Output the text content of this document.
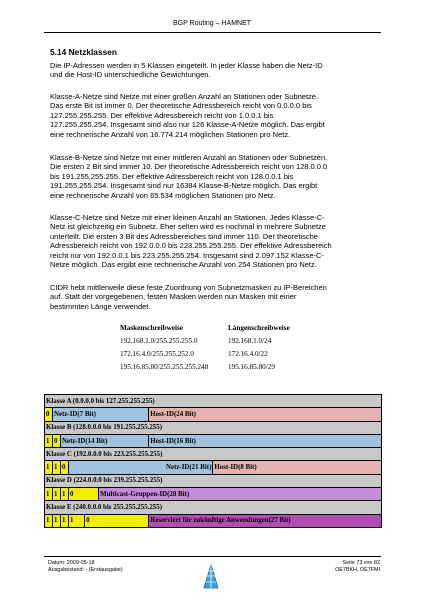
BGP Routing – HAMNET
5.14 Netzklassen
Die IP-Adressen werden in 5 Klassen eingeteilt. In jeder Klasse haben die Netz-ID
und die Host-ID unterschiedliche Gewichtungen.
Klasse-A-Netze sind Netze mit einer großen Anzahl an Stationen oder Subnetze.
Das erste Bit ist immer 0. Der theoretische Adressbereich reicht von 0.0.0.0 bis
127.255.255.255. Der effektive Adressbereich reicht von 1.0.0.1 bis
127.255.255.254. Insgesamt sind also nur 126 Klasse-A-Netze möglich. Das ergibt
eine rechnerische Anzahl von 16.774.214 möglichen Stationen pro Netz.
Klasse-B-Netze sind Netze mit einer mittleren Anzahl an Stationen oder Subnetzen.
Die ersten 2 Bit sind immer 10. Der theoretische Adressbereich reicht von 128.0.0.0
bis 191.255.255.255. Der effektive Adressbereich reicht von 128.0.0.1 bis
191.255.255.254. Insgesamt sind nur 16384 Klasse-B-Netze möglich. Das ergibt
eine rechnerische Anzahl von 65.534 möglichen Stationen pro Netz.
Klasse-C-Netze sind Netze mit einer kleinen Anzahl an Stationen. Jedes Klasse-C-
Netz ist gleichzeitig ein Subnetz. Eher selten wird es nochmal in mehrere Subnetze
unterteilt. Die ersten 3 Bit des Adressbereiches sind immer 110. Der theoretische
Adressbereich reicht von 192.0.0.0 bis 223.255.255.255. Der effektive Adressbereich
reicht nur von 192.0.0.1 bis 223.255.255.254. Insgesamt sind 2.097.152 Klasse-C-
Netze möglich. Das ergibt eine rechnerische Anzahl von 254 Stationen pro Netz.
CIDR hebt mittlerweile diese feste Zuordnung von Subnetzmasken zu IP-Bereichen
auf. Statt der vorgegebenen, festen Masken werden nun Masken mit einer
bestimmten Länge verwendet.
Maskenschreibweise	Längenschreibweise
192.168.1.0/255.255.255.0	192.168.1.0/24
172.16.4.0/255.255.252.0	172.16.4.0/22
195.16.85.80/255.255.255.248	195.16.85.80/29
Klasse A (0.0.0.0 bis 127.255.255.255)							
0	Netz-ID(7 Bit)					Host-ID(24 Bit)	
Klasse B (128.0.0.0 bis 191.255.255.255)							
1	0	Netz-ID(14 Bit)				Host-ID(16 Bit)	
Klasse C (192.0.0.0 bis 223.255.255.255)							
1	1	0	Netz-ID(21 Bit)				Host-ID(8 Bit)
Klasse D (224.0.0.0 bis 239.255.255.255)							
1	1	1	0		Multicast-Gruppen-ID(28 Bit)		
Klasse E (240.0.0.0 bis 255.255.255.255)							
1	1	1	1	0		Reserviert für zukünftige Anwendungen(27 Bit)	
Datum: 2009-05-18
Ausgabestand: - (Erstausgabe)
Seite 73 von 82
OE7BKH, OE7FMI
